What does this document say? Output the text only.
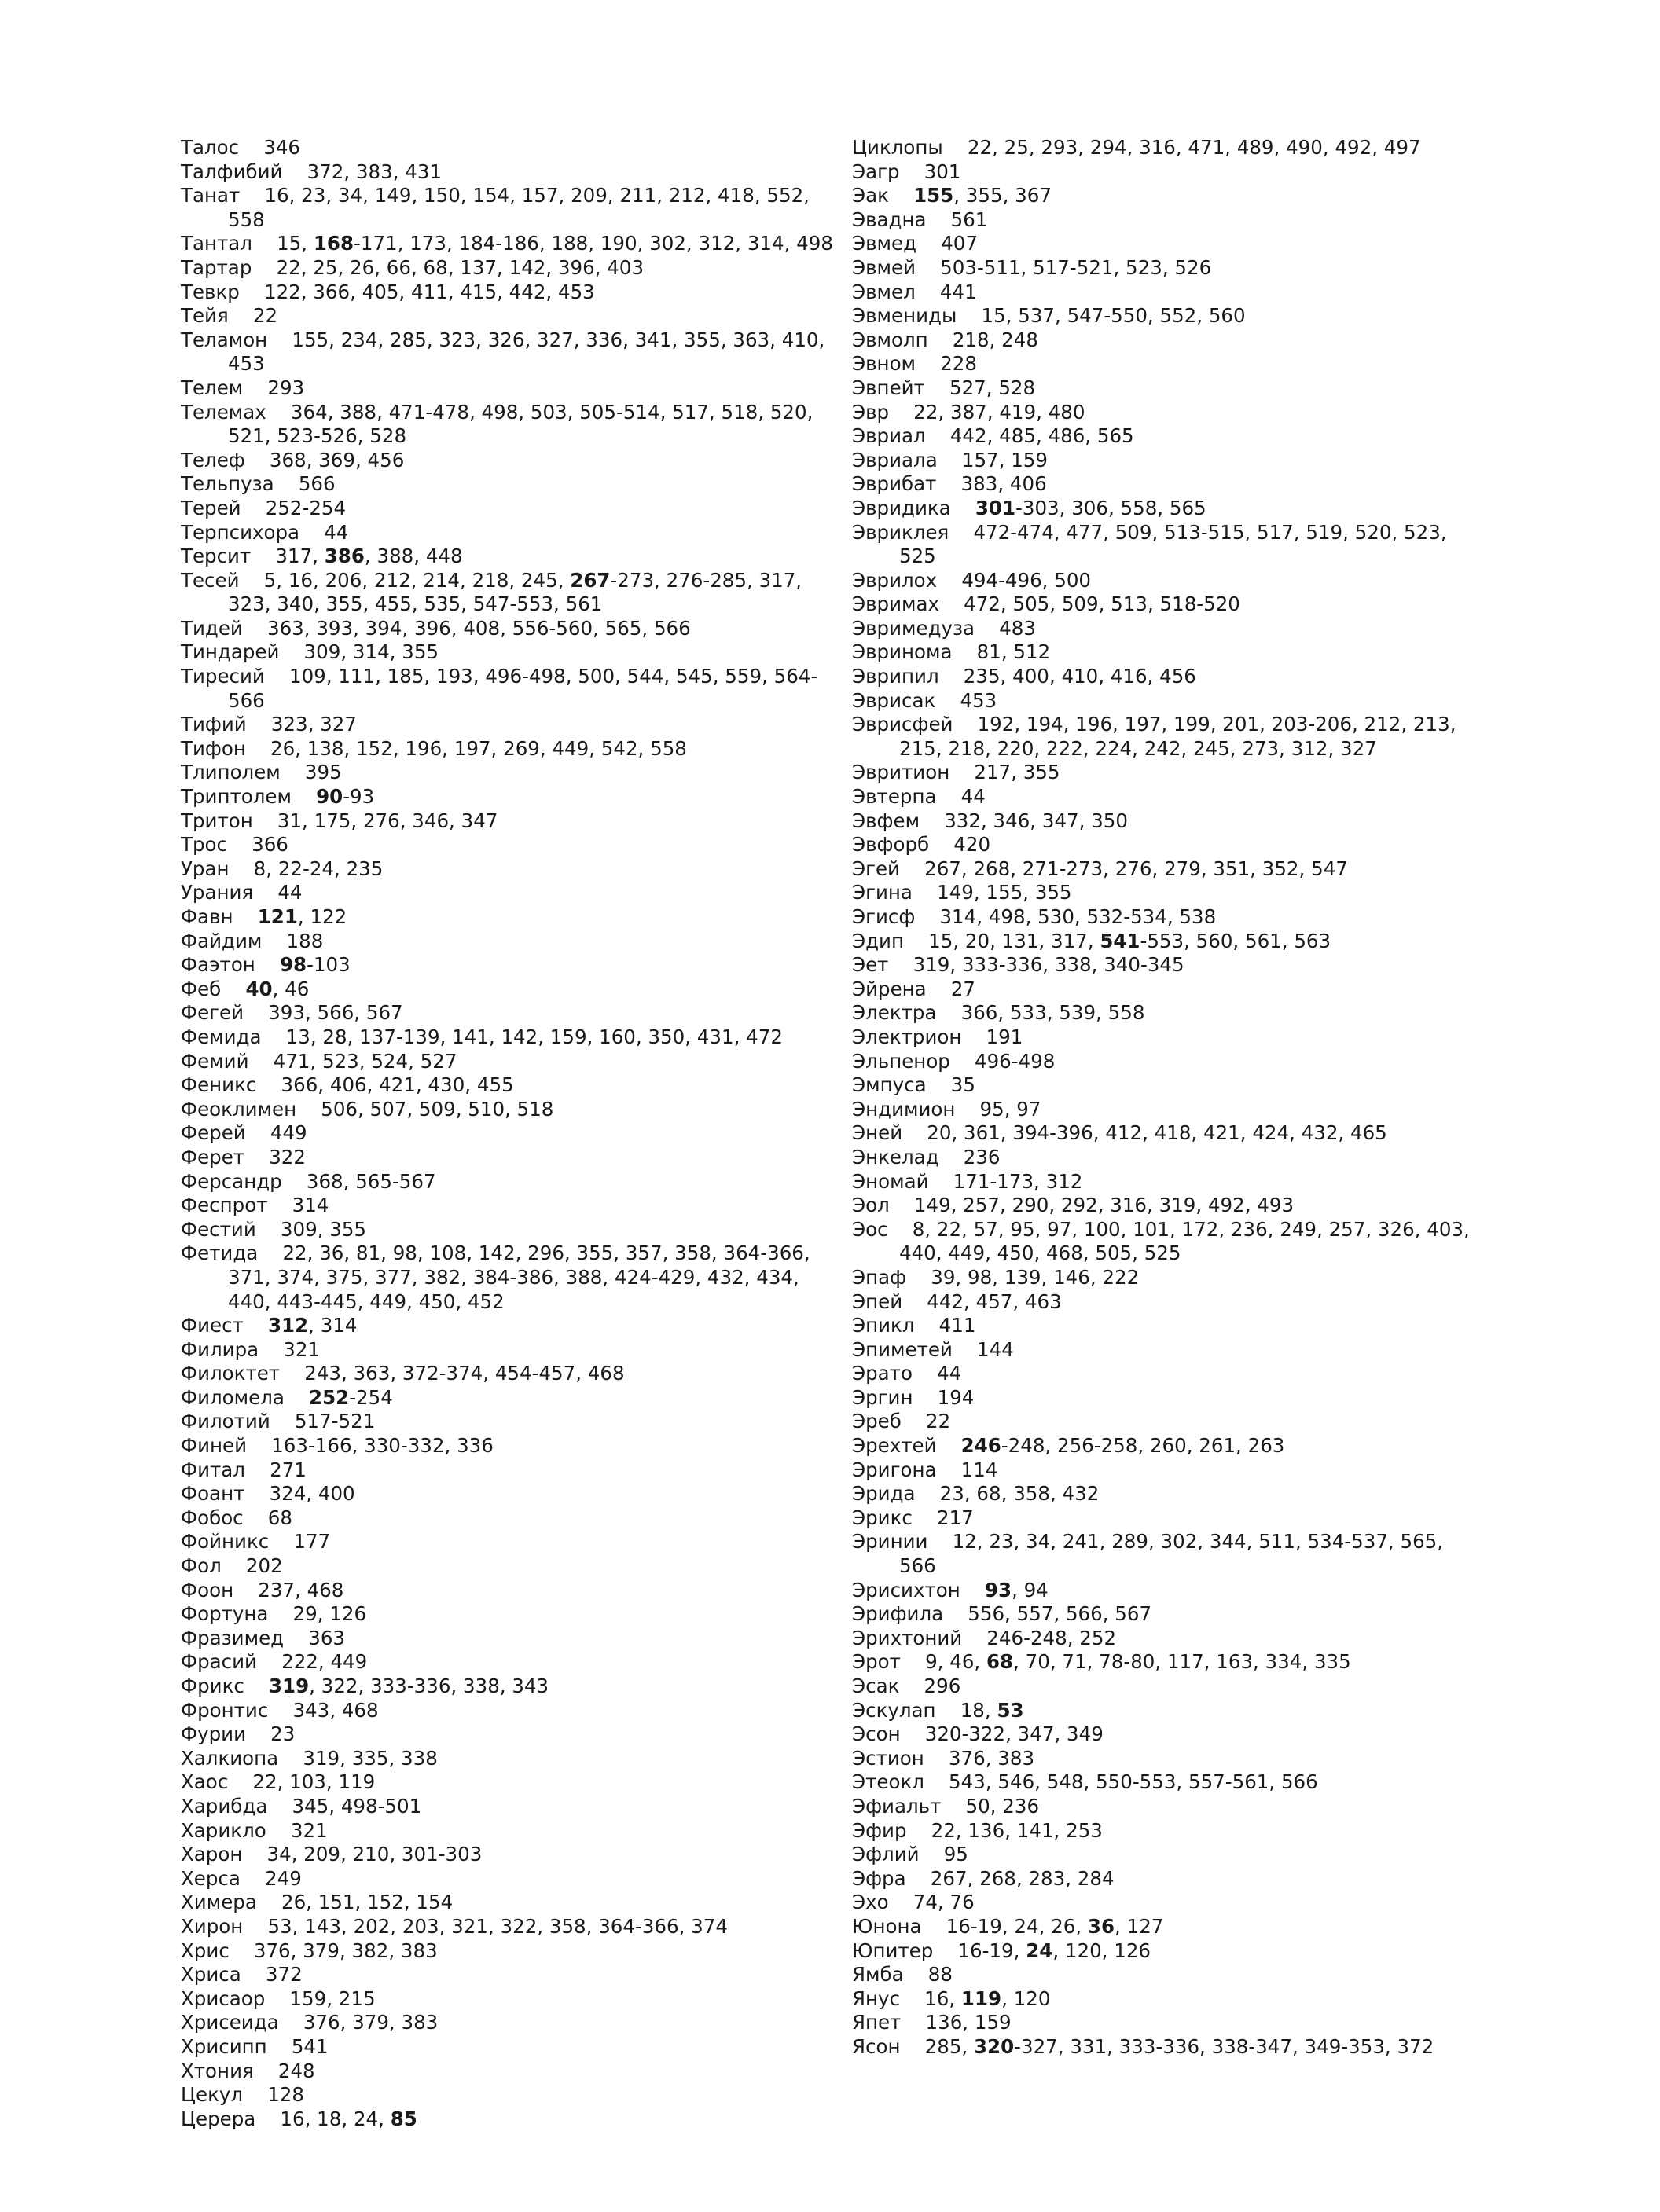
Талос    346
Талфибий    372, 383, 431
Танат    16, 23, 34, 149, 150, 154, 157, 209, 211, 212, 418, 552, 558
Тантал    15, 168-171, 173, 184-186, 188, 190, 302, 312, 314, 498
Тартар    22, 25, 26, 66, 68, 137, 142, 396, 403
Тевкр    122, 366, 405, 411, 415, 442, 453
Тейя    22
Теламон    155, 234, 285, 323, 326, 327, 336, 341, 355, 363, 410, 453
Телем    293
Телемах    364, 388, 471-478, 498, 503, 505-514, 517, 518, 520, 521, 523-526, 528
Телеф    368, 369, 456
Тельпуза    566
Терей    252-254
Терпсихора    44
Терсит    317, 386, 388, 448
Тесей    5, 16, 206, 212, 214, 218, 245, 267-273, 276-285, 317, 323, 340, 355, 455, 535, 547-553, 561
Тидей    363, 393, 394, 396, 408, 556-560, 565, 566
Тиндарей    309, 314, 355
Тиресий    109, 111, 185, 193, 496-498, 500, 544, 545, 559, 564-566
Тифий    323, 327
Тифон    26, 138, 152, 196, 197, 269, 449, 542, 558
Тлиполем    395
Триптолем    90-93
Тритон    31, 175, 276, 346, 347
Трос    366
Уран    8, 22-24, 235
Урания    44
Фавн    121, 122
Файдим    188
Фаэтон    98-103
Феб    40, 46
Фегей    393, 566, 567
Фемида    13, 28, 137-139, 141, 142, 159, 160, 350, 431, 472
Фемий    471, 523, 524, 527
Феникс    366, 406, 421, 430, 455
Феоклимен    506, 507, 509, 510, 518
Ферей    449
Ферет    322
Ферсандр    368, 565-567
Феспрот    314
Фестий    309, 355
Фетида    22, 36, 81, 98, 108, 142, 296, 355, 357, 358, 364-366, 371, 374, 375, 377, 382, 384-386, 388, 424-429, 432, 434, 440, 443-445, 449, 450, 452
Фиест    312, 314
Филира    321
Филоктет    243, 363, 372-374, 454-457, 468
Филомела    252-254
Филотий    517-521
Финей    163-166, 330-332, 336
Фитал    271
Фоант    324, 400
Фобос    68
Фойникс    177
Фол    202
Фоон    237, 468
Фортуна    29, 126
Фразимед    363
Фрасий    222, 449
Фрикс    319, 322, 333-336, 338, 343
Фронтис    343, 468
Фурии    23
Халкиопа    319, 335, 338
Хаос    22, 103, 119
Харибда    345, 498-501
Харикло    321
Харон    34, 209, 210, 301-303
Херса    249
Химера    26, 151, 152, 154
Хирон    53, 143, 202, 203, 321, 322, 358, 364-366, 374
Хрис    376, 379, 382, 383
Хриса    372
Хрисаор    159, 215
Хрисеида    376, 379, 383
Хрисипп    541
Хтония    248
Цекул    128
Церера    16, 18, 24, 85
Циклопы    22, 25, 293, 294, 316, 471, 489, 490, 492, 497
Эагр    301
Эак    155, 355, 367
Эвадна    561
Эвмед    407
Эвмей    503-511, 517-521, 523, 526
Эвмел    441
Эвмениды    15, 537, 547-550, 552, 560
Эвмолп    218, 248
Эвном    228
Эвпейт    527, 528
Эвр    22, 387, 419, 480
Эвриал    442, 485, 486, 565
Эвриала    157, 159
Эврибат    383, 406
Эвридика    301-303, 306, 558, 565
Эвриклея    472-474, 477, 509, 513-515, 517, 519, 520, 523, 525
Эврилох    494-496, 500
Эвримах    472, 505, 509, 513, 518-520
Эвримедуза    483
Эвринома    81, 512
Эврипил    235, 400, 410, 416, 456
Эврисак    453
Эврисфей    192, 194, 196, 197, 199, 201, 203-206, 212, 213, 215, 218, 220, 222, 224, 242, 245, 273, 312, 327
Эвритион    217, 355
Эвтерпа    44
Эвфем    332, 346, 347, 350
Эвфорб    420
Эгей    267, 268, 271-273, 276, 279, 351, 352, 547
Эгина    149, 155, 355
Эгисф    314, 498, 530, 532-534, 538
Эдип    15, 20, 131, 317, 541-553, 560, 561, 563
Эет    319, 333-336, 338, 340-345
Эйрена    27
Электра    366, 533, 539, 558
Электрион    191
Эльпенор    496-498
Эмпуса    35
Эндимион    95, 97
Эней    20, 361, 394-396, 412, 418, 421, 424, 432, 465
Энкелад    236
Эномай    171-173, 312
Эол    149, 257, 290, 292, 316, 319, 492, 493
Эос    8, 22, 57, 95, 97, 100, 101, 172, 236, 249, 257, 326, 403, 440, 449, 450, 468, 505, 525
Эпаф    39, 98, 139, 146, 222
Эпей    442, 457, 463
Эпикл    411
Эпиметей    144
Эрато    44
Эргин    194
Эреб    22
Эрехтей    246-248, 256-258, 260, 261, 263
Эригона    114
Эрида    23, 68, 358, 432
Эрикс    217
Эринии    12, 23, 34, 241, 289, 302, 344, 511, 534-537, 565, 566
Эрисихтон    93, 94
Эрифила    556, 557, 566, 567
Эрихтоний    246-248, 252
Эрот    9, 46, 68, 70, 71, 78-80, 117, 163, 334, 335
Эсак    296
Эскулап    18, 53
Эсон    320-322, 347, 349
Эстион    376, 383
Этеокл    543, 546, 548, 550-553, 557-561, 566
Эфиальт    50, 236
Эфир    22, 136, 141, 253
Эфлий    95
Эфра    267, 268, 283, 284
Эхо    74, 76
Юнона    16-19, 24, 26, 36, 127
Юпитер    16-19, 24, 120, 126
Ямба    88
Янус    16, 119, 120
Япет    136, 159
Ясон    285, 320-327, 331, 333-336, 338-347, 349-353, 372
